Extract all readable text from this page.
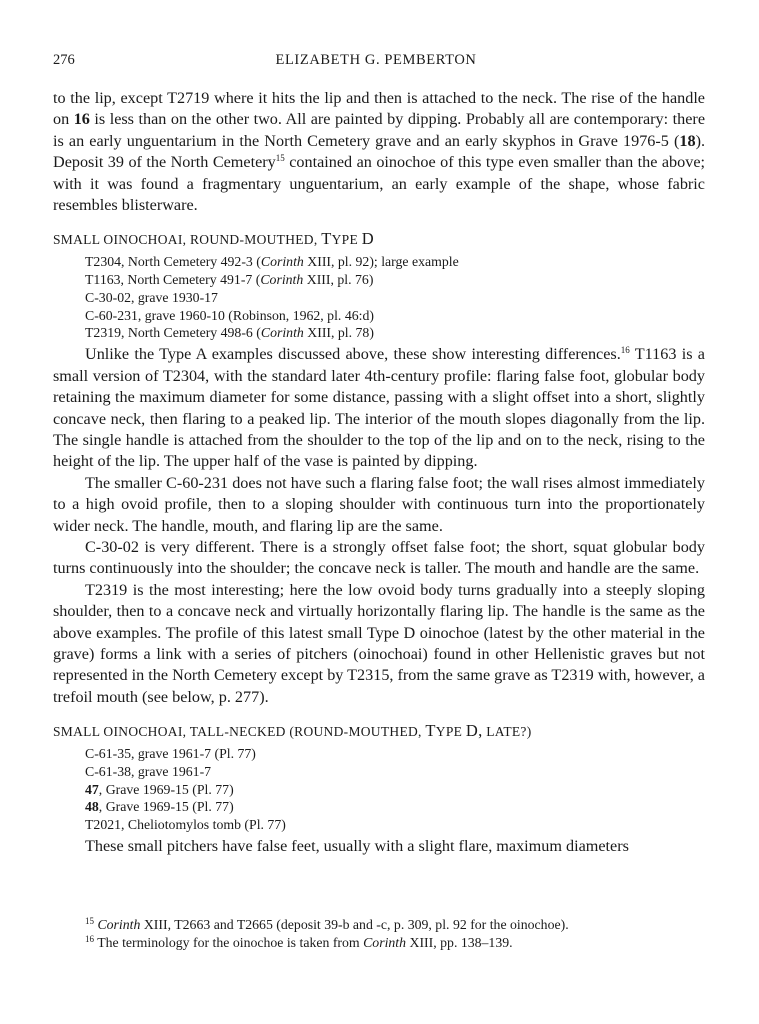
276	ELIZABETH G. PEMBERTON

to the lip, except T2719 where it hits the lip and then is attached to the neck. The rise of the handle on 16 is less than on the other two. All are painted by dipping. Probably all are contemporary: there is an early unguentarium in the North Cemetery grave and an early skyphos in Grave 1976-5 (18). Deposit 39 of the North Cemetery$^{15}$ contained an oinochoe of this type even smaller than the above; with it was found a fragmentary unguentarium, an early example of the shape, whose fabric resembles blisterware.

SMALL OINOCHOAI, ROUND-MOUTHED, TYPE D
T2304, North Cemetery 492-3 (Corinth XIII, pl. 92); large example
T1163, North Cemetery 491-7 (Corinth XIII, pl. 76)
C-30-02, grave 1930-17
C-60-231, grave 1960-10 (Robinson, 1962, pl. 46:d)
T2319, North Cemetery 498-6 (Corinth XIII, pl. 78)

Unlike the Type A examples discussed above, these show interesting differences.$^{16}$ T1163 is a small version of T2304, with the standard later 4th-century profile: flaring false foot, globular body retaining the maximum diameter for some distance, passing with a slight offset into a short, slightly concave neck, then flaring to a peaked lip. The interior of the mouth slopes diagonally from the lip. The single handle is attached from the shoulder to the top of the lip and on to the neck, rising to the height of the lip. The upper half of the vase is painted by dipping.

The smaller C-60-231 does not have such a flaring false foot; the wall rises almost immediately to a high ovoid profile, then to a sloping shoulder with continuous turn into the proportionately wider neck. The handle, mouth, and flaring lip are the same.

C-30-02 is very different. There is a strongly offset false foot; the short, squat globular body turns continuously into the shoulder; the concave neck is taller. The mouth and handle are the same.

T2319 is the most interesting; here the low ovoid body turns gradually into a steeply sloping shoulder, then to a concave neck and virtually horizontally flaring lip. The handle is the same as the above examples. The profile of this latest small Type D oinochoe (latest by the other material in the grave) forms a link with a series of pitchers (oinochoai) found in other Hellenistic graves but not represented in the North Cemetery except by T2315, from the same grave as T2319 with, however, a trefoil mouth (see below, p. 277).

SMALL OINOCHOAI, TALL-NECKED (ROUND-MOUTHED, TYPE D, LATE?)
C-61-35, grave 1961-7 (Pl. 77)
C-61-38, grave 1961-7
47, Grave 1969-15 (Pl. 77)
48, Grave 1969-15 (Pl. 77)
T2021, Cheliotomylos tomb (Pl. 77)

These small pitchers have false feet, usually with a slight flare, maximum diameters

$^{15}$ Corinth XIII, T2663 and T2665 (deposit 39-b and -c, p. 309, pl. 92 for the oinochoe).

$^{16}$ The terminology for the oinochoe is taken from Corinth XIII, pp. 138–139.
